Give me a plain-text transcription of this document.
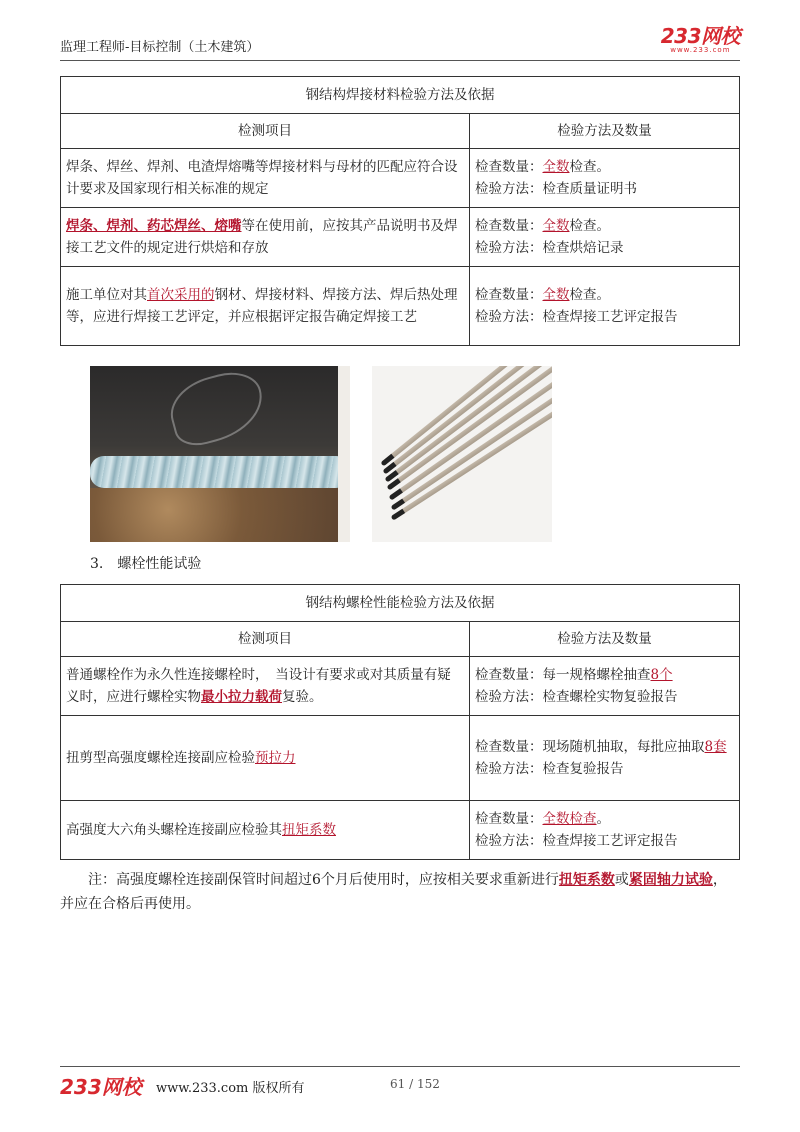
监理工程师-目标控制（土木建筑）	233网校
www.233.com
钢结构焊接材料检验方法及依据	
检测项目	检验方法及数量
焊条、焊丝、焊剂、电渣焊熔嘴等焊接材料与母材的匹配应符合设计要求及国家现行相关标准的规定	检查数量：全数检查。
检验方法：检查质量证明书
焊条、焊剂、药芯焊丝、熔嘴等在使用前，应按其产品说明书及焊接工艺文件的规定进行烘焙和存放	检查数量：全数检查。
检验方法：检查烘焙记录
施工单位对其首次采用的钢材、焊接材料、焊接方法、焊后热处理等，应进行焊接工艺评定，并应根据评定报告确定焊接工艺	检查数量：全数检查。
检验方法：检查焊接工艺评定报告
3.　螺栓性能试验
钢结构螺栓性能检验方法及依据	
检测项目	检验方法及数量
普通螺栓作为永久性连接螺栓时，　当设计有要求或对其质量有疑义时，应进行螺栓实物最小拉力载荷复验。	检查数量：每一规格螺栓抽查8个
检验方法：检查螺栓实物复验报告
扭剪型高强度螺栓连接副应检验预拉力	检查数量：现场随机抽取，每批应抽取8套
检验方法：检查复验报告
高强度大六角头螺栓连接副应检验其扭矩系数	检查数量：全数检查。
检验方法：检查焊接工艺评定报告
注：高强度螺栓连接副保管时间超过6个月后使用时，应按相关要求重新进行扭矩系数或紧固轴力试验，并应在合格后再使用。
233网校 www.233.com 版权所有	61 / 152
